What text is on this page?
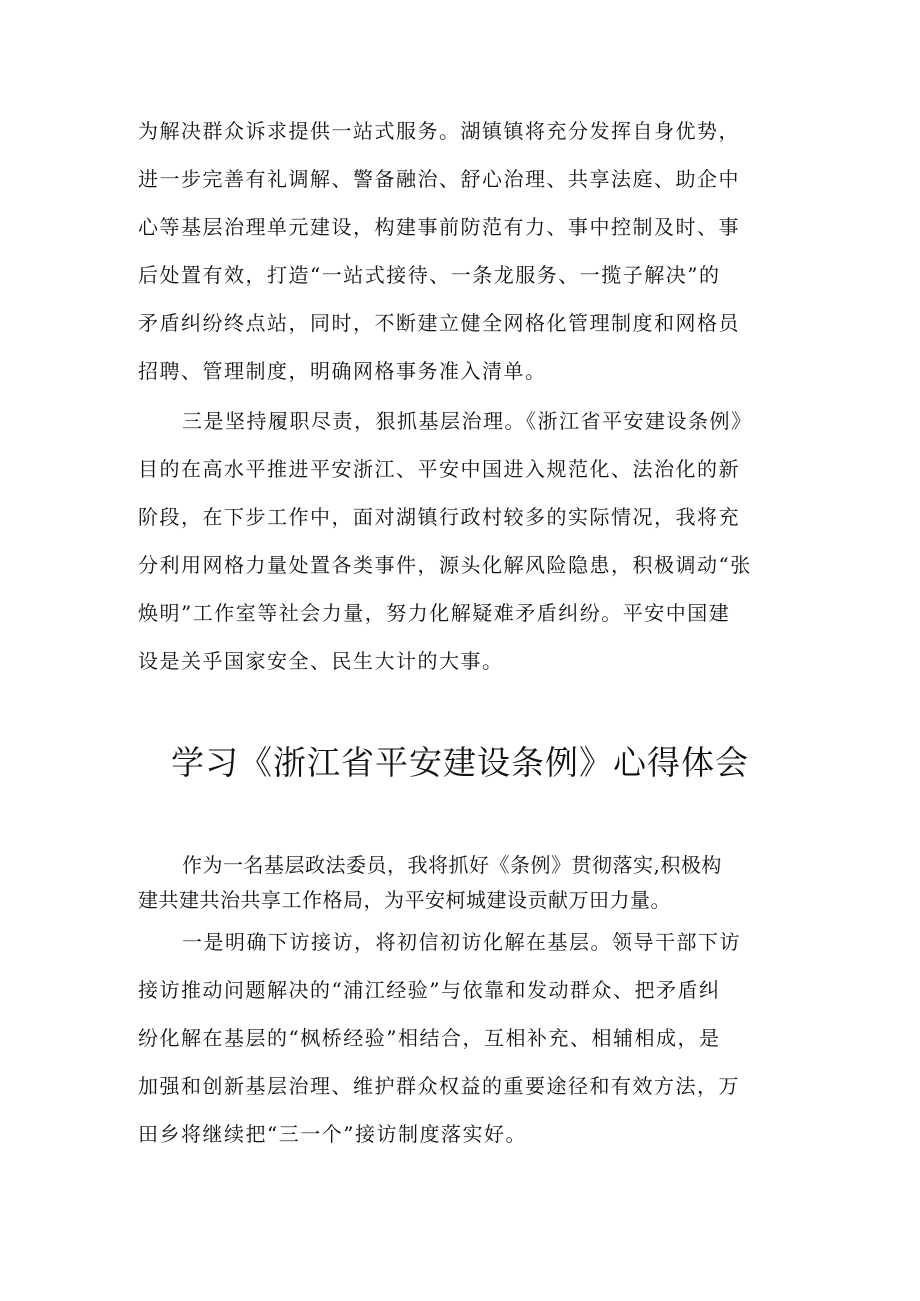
为解决群众诉求提供一站式服务。湖镇镇将充分发挥自身优势，
进一步完善有礼调解、警备融治、舒心治理、共享法庭、助企中
心等基层治理单元建设，构建事前防范有力、事中控制及时、事
后处置有效，打造“一站式接待、一条龙服务、一揽子解决”的
矛盾纠纷终点站，同时，不断建立健全网格化管理制度和网格员
招聘、管理制度，明确网格事务准入清单。
三是坚持履职尽责，狠抓基层治理。《浙江省平安建设条例》
目的在高水平推进平安浙江、平安中国进入规范化、法治化的新
阶段，在下步工作中，面对湖镇行政村较多的实际情况，我将充
分利用网格力量处置各类事件，源头化解风险隐患，积极调动“张
焕明”工作室等社会力量，努力化解疑难矛盾纠纷。平安中国建
设是关乎国家安全、民生大计的大事。
学习《浙江省平安建设条例》心得体会
作为一名基层政法委员，我将抓好《条例》贯彻落实,积极构
建共建共治共享工作格局，为平安柯城建设贡献万田力量。
一是明确下访接访，将初信初访化解在基层。领导干部下访
接访推动问题解决的“浦江经验”与依靠和发动群众、把矛盾纠
纷化解在基层的“枫桥经验”相结合，互相补充、相辅相成，是
加强和创新基层治理、维护群众权益的重要途径和有效方法，万
田乡将继续把“三一个”接访制度落实好。
